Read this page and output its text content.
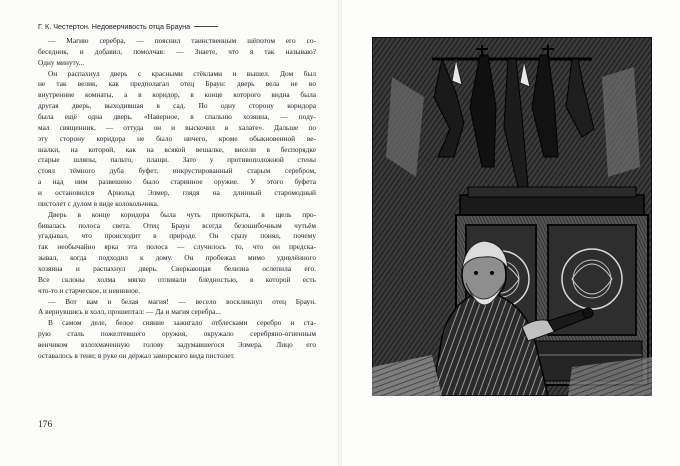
Г. К. Честертон. Недоверчивость отца Брауна
— Магию серебра, — пояснил таинственным шёпотом его со-
беседник, и добавил, помолчав: — Знаете, что я так называю?
Одну минуту...
Он распахнул дверь с красными стёклами и вышел. Дом был
не так велик, как предполагал отец Браун: дверь вела не во
внутренние комнаты, а в коридор, в конце которого видна была
другая дверь, выходившая в сад. По одну сторону коридора
была ещё одна дверь. «Наверное, в спальню хозяина, — поду-
мал священник, — оттуда он и выскочил в халате». Дальше по
эту сторону коридора не было ничего, кроме обыкновенной ве-
шалки, на которой, как на всякой вешалке, висели в беспорядке
старые шляпы, пальто, плащи. Зато у противоположной стены
стоял тёмного дуба буфет, инкрустированный старым серебром,
а над ним развешено было старинное оружие. У этого буфета
и остановился Арнольд Элмер, глядя на длинный старомодный
пистолет с дулом в виде колокольчика.
Дверь в конце коридора была чуть приоткрыта, в щель про-
бивалась полоса света. Отец Браун всегда безошибочным чутьём
угадывал, что происходит в природе. Он сразу понял, почему
так необычайно ярка эта полоса — случилось то, что он предска-
зывал, когда подходил к дому. Он пробежал мимо удивлённого
хозяина и распахнул дверь. Сверкающая белизна ослепила его.
Все склоны холма мягко отливали бледностью, в которой есть
что-то и старческое, и невинное.
— Вот вам и белая магия! — весело воскликнул отец Браун.
А вернувшись в холл, прошептал: — Да и магия серебра...
В самом деле, белое сияние зажигало отблесками серебро и ста-
рую сталь пожелтевшего оружия, окружало серебряно-огненным
венчиком взлохмаченную голову задумавшегося Элмера. Лицо его
оставалось в тени; в руке он держал заморского вида пистолет.
176
